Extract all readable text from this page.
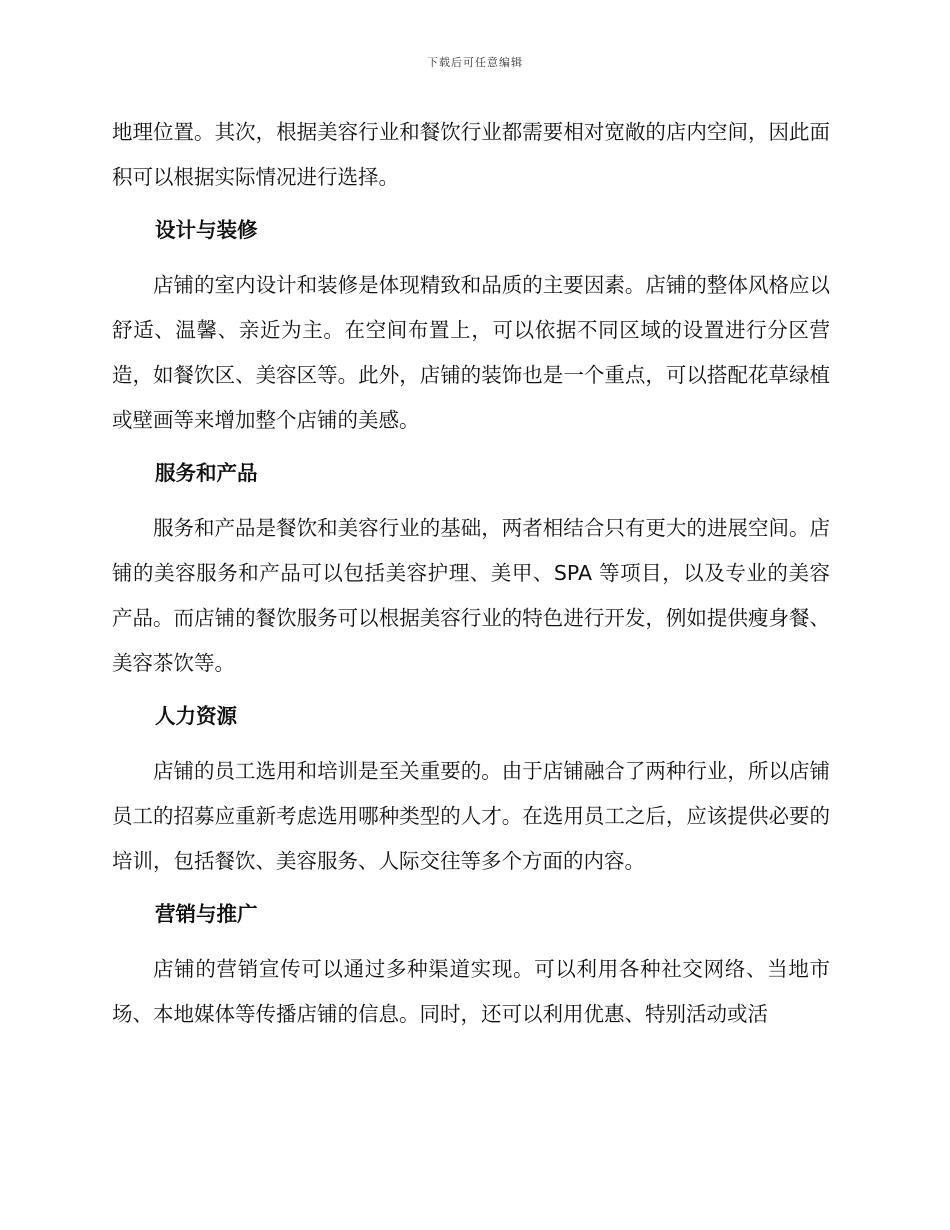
下载后可任意编辑

地理位置。其次，根据美容行业和餐饮行业都需要相对宽敞的店内空间，因此面积可以根据实际情况进行选择。

设计与装修

店铺的室内设计和装修是体现精致和品质的主要因素。店铺的整体风格应以舒适、温馨、亲近为主。在空间布置上，可以依据不同区域的设置进行分区营造，如餐饮区、美容区等。此外，店铺的装饰也是一个重点，可以搭配花草绿植或壁画等来增加整个店铺的美感。

服务和产品

服务和产品是餐饮和美容行业的基础，两者相结合只有更大的进展空间。店铺的美容服务和产品可以包括美容护理、美甲、SPA 等项目，以及专业的美容产品。而店铺的餐饮服务可以根据美容行业的特色进行开发，例如提供瘦身餐、美容茶饮等。

人力资源

店铺的员工选用和培训是至关重要的。由于店铺融合了两种行业，所以店铺员工的招募应重新考虑选用哪种类型的人才。在选用员工之后，应该提供必要的培训，包括餐饮、美容服务、人际交往等多个方面的内容。

营销与推广

店铺的营销宣传可以通过多种渠道实现。可以利用各种社交网络、当地市场、本地媒体等传播店铺的信息。同时，还可以利用优惠、特别活动或活
